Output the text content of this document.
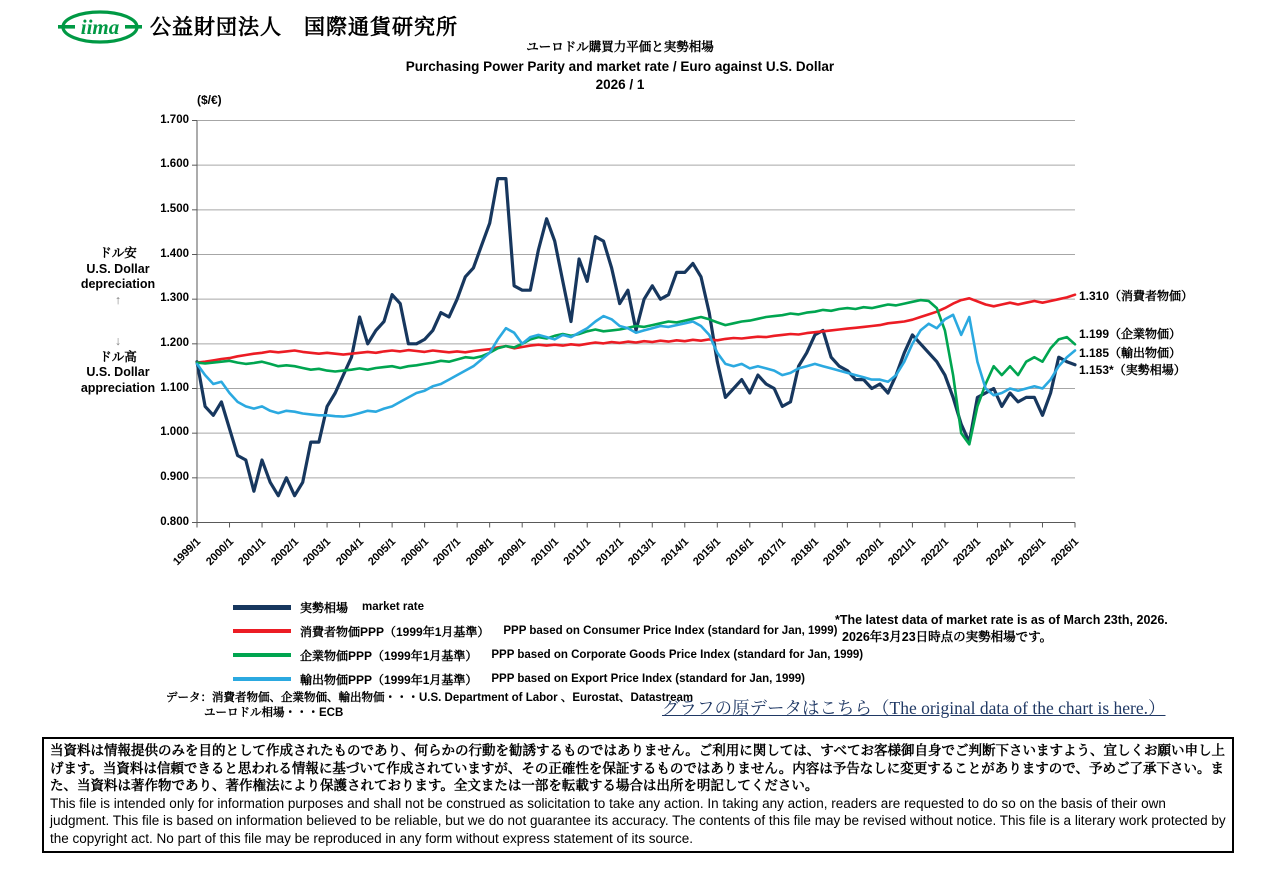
iima 公益財団法人　国際通貨研究所
ユーロドル購買力平価と実勢相場
Purchasing Power Parity and market rate / Euro against U.S. Dollar
2026 / 1
($/€)
ドル安
U.S. Dollar
depreciation
↑
↓
ドル高
U.S. Dollar
appreciation
0.800
0.900
1.000
1.100
1.200
1.300
1.400
1.500
1.600
1.700
1999/1 2000/1 2001/1 2002/1 2003/1 2004/1 2005/1 2006/1 2007/1 2008/1 2009/1 2010/1 2011/1 2012/1 2013/1 2014/1 2015/1 2016/1 2017/1 2018/1 2019/1 2020/1 2021/1 2022/1 2023/1 2024/1 2025/1 2026/1
1.310（消費者物価）
1.199（企業物価）
1.185（輸出物価）
1.153*（実勢相場）
実勢相場 market rate
消費者物価PPP（1999年1月基準） PPP based on Consumer Price Index (standard for Jan, 1999)
企業物価PPP（1999年1月基準） PPP based on Corporate Goods Price Index (standard for Jan, 1999)
輸出物価PPP（1999年1月基準） PPP based on Export Price Index (standard for Jan, 1999)
*The latest data of market rate is as of March 23th, 2026.
2026年3月23日時点の実勢相場です。
データ：消費者物価、企業物価、輸出物価・・・U.S. Department of Labor 、Eurostat、Datastream
ユーロドル相場・・・ECB	グラフの原データはこちら（The original data of the chart is here.）

当資料は情報提供のみを目的として作成されたものであり、何らかの行動を勧誘するものではありません。ご利用に関しては、すべてお客様御自身でご判断下さいますよう、宜しくお願い申し上げます。当資料は信頼できると思われる情報に基づいて作成されていますが、その正確性を保証するものではありません。内容は予告なしに変更することがありますので、予めご了承下さい。また、当資料は著作物であり、著作権法により保護されております。全文または一部を転載する場合は出所を明記してください。

This file is intended only for information purposes and shall not be construed as solicitation to take any action. In taking any action, readers are requested to do so on the basis of their own judgment. This file is based on information believed to be reliable, but we do not guarantee its accuracy. The contents of this file may be revised without notice. This file is a literary work protected by the copyright act. No part of this file may be reproduced in any form without express statement of its source.
